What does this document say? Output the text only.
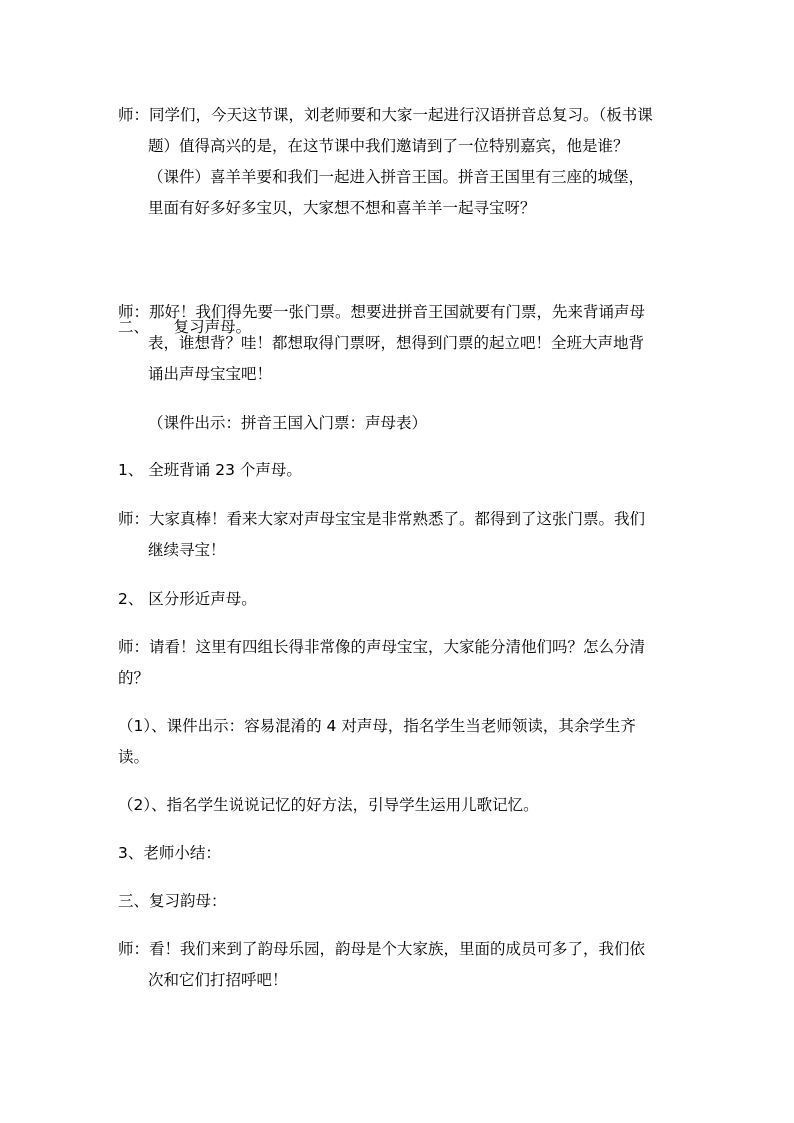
师：同学们，今天这节课，刘老师要和大家一起进行汉语拼音总复习。（板书课
题）值得高兴的是，在这节课中我们邀请到了一位特别嘉宾，他是谁？
（课件）喜羊羊要和我们一起进入拼音王国。拼音王国里有三座的城堡，
里面有好多好多宝贝，大家想不想和喜羊羊一起寻宝呀？

二、     复习声母。

师：那好！我们得先要一张门票。想要进拼音王国就要有门票，先来背诵声母
表，谁想背？哇！都想取得门票呀，想得到门票的起立吧！全班大声地背
诵出声母宝宝吧！

（课件出示：拼音王国入门票：声母表）

1、 全班背诵 23 个声母。

师：大家真棒！看来大家对声母宝宝是非常熟悉了。都得到了这张门票。我们
继续寻宝！

2、 区分形近声母。

师：请看！这里有四组长得非常像的声母宝宝，大家能分清他们吗？怎么分清
的？

（1）、课件出示：容易混淆的 4 对声母，指名学生当老师领读，其余学生齐
读。

（2）、指名学生说说记忆的好方法，引导学生运用儿歌记忆。

3、老师小结：

三、复习韵母：

师：看！我们来到了韵母乐园，韵母是个大家族，里面的成员可多了，我们依
次和它们打招呼吧！
